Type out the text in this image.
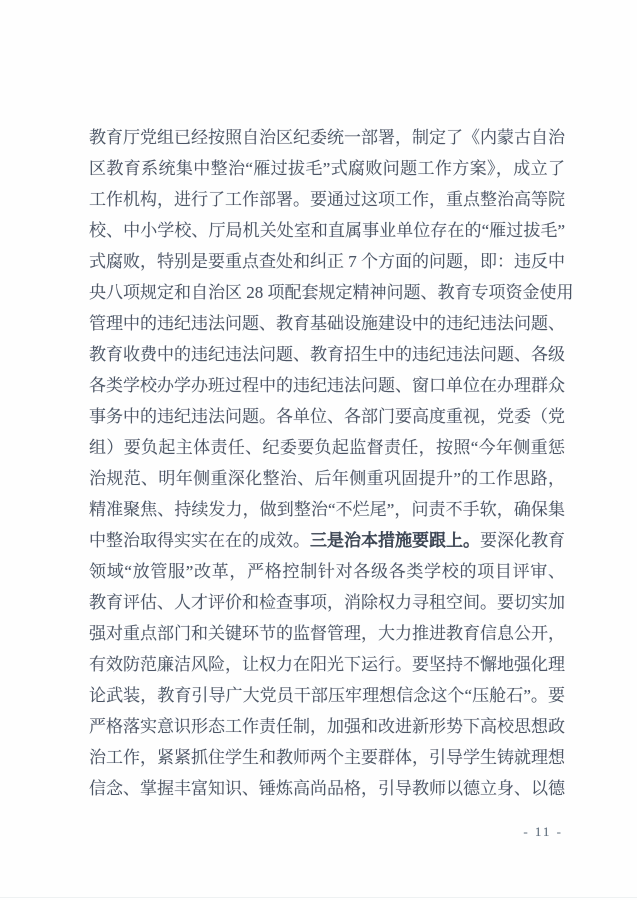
教育厅党组已经按照自治区纪委统一部署，制定了《内蒙古自治
区教育系统集中整治“雁过拔毛”式腐败问题工作方案》，成立了
工作机构，进行了工作部署。要通过这项工作，重点整治高等院
校、中小学校、厅局机关处室和直属事业单位存在的“雁过拔毛”
式腐败，特别是要重点查处和纠正 7 个方面的问题，即：违反中
央八项规定和自治区 28 项配套规定精神问题、教育专项资金使用
管理中的违纪违法问题、教育基础设施建设中的违纪违法问题、
教育收费中的违纪违法问题、教育招生中的违纪违法问题、各级
各类学校办学办班过程中的违纪违法问题、窗口单位在办理群众
事务中的违纪违法问题。各单位、各部门要高度重视，党委（党
组）要负起主体责任、纪委要负起监督责任，按照“今年侧重惩
治规范、明年侧重深化整治、后年侧重巩固提升”的工作思路，
精准聚焦、持续发力，做到整治“不烂尾”，问责不手软，确保集
中整治取得实实在在的成效。三是治本措施要跟上。要深化教育
领域“放管服”改革，严格控制针对各级各类学校的项目评审、
教育评估、人才评价和检查事项，消除权力寻租空间。要切实加
强对重点部门和关键环节的监督管理，大力推进教育信息公开，
有效防范廉洁风险，让权力在阳光下运行。要坚持不懈地强化理
论武装，教育引导广大党员干部压牢理想信念这个“压舱石”。要
严格落实意识形态工作责任制，加强和改进新形势下高校思想政
治工作，紧紧抓住学生和教师两个主要群体，引导学生铸就理想
信念、掌握丰富知识、锤炼高尚品格，引导教师以德立身、以德
- 11 -
